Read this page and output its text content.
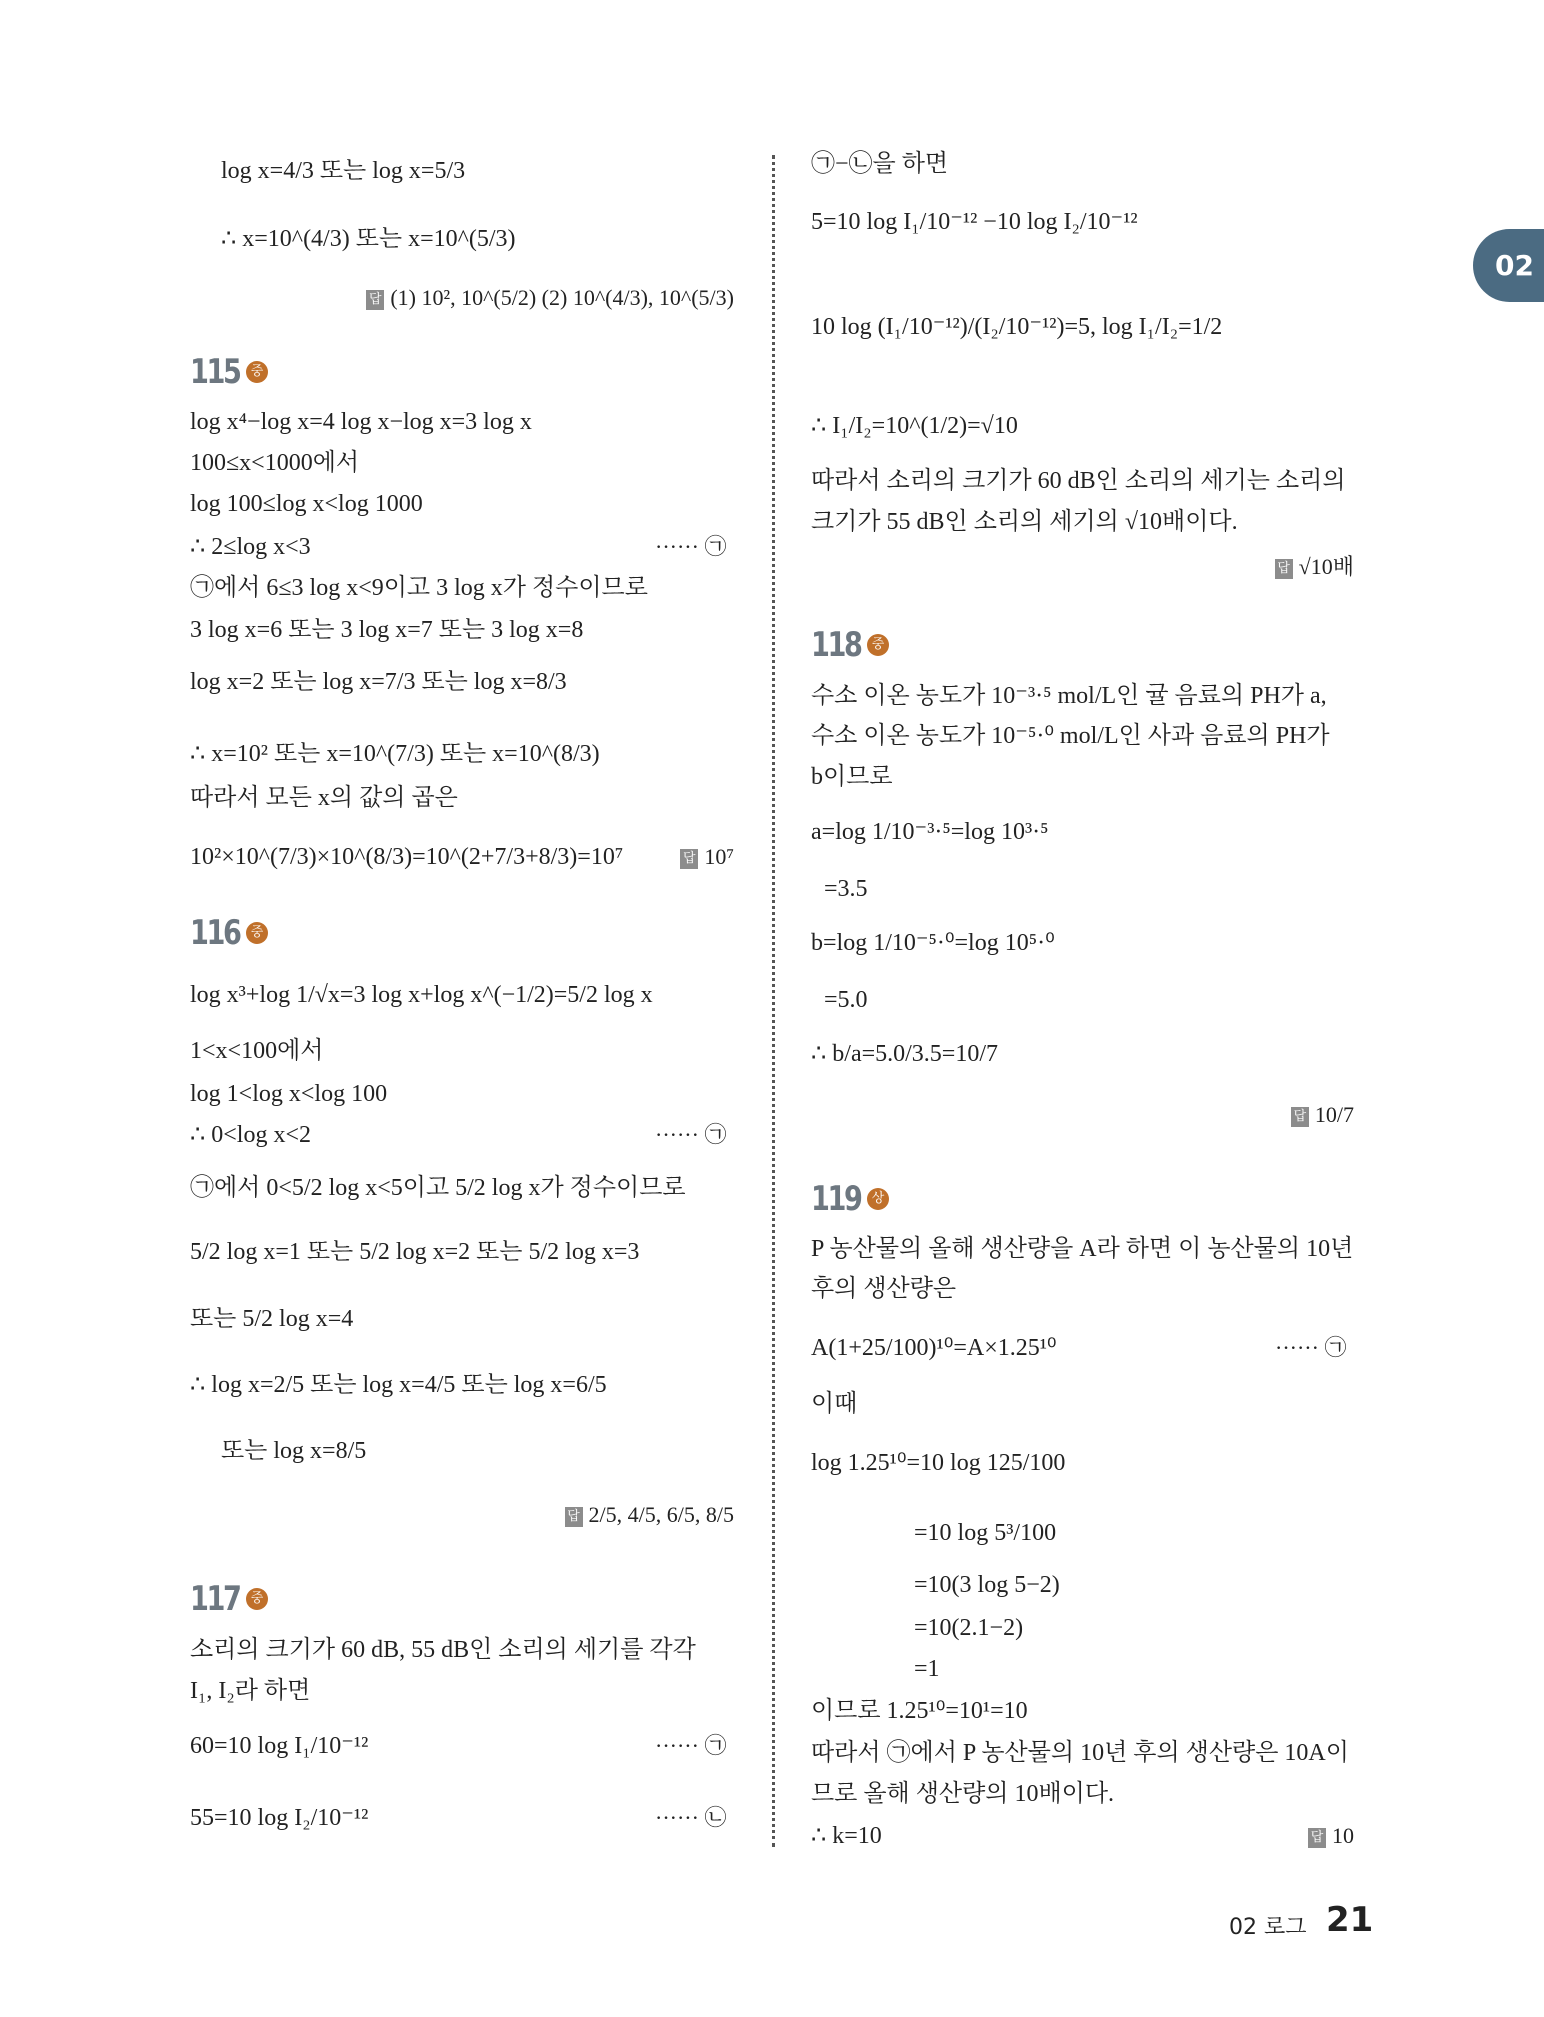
02
log x=4/3 또는 log x=5/3
∴ x=10^(4/3) 또는 x=10^(5/3)
log x⁴−log x=4 log x−log x=3 log x
100≤x<1000에서
log 100≤log x<log 1000
∴ 2≤log x<3
㉠에서 6≤3 log x<9이고 3 log x가 정수이므로
3 log x=6 또는 3 log x=7 또는 3 log x=8
log x=2 또는 log x=7/3 또는 log x=8/3
∴ x=10² 또는 x=10^(7/3) 또는 x=10^(8/3)
따라서 모든 x의 값의 곱은
10²×10^(7/3)×10^(8/3)=10^(2+7/3+8/3)=10⁷
log x³+log 1/√x=3 log x+log x^(−1/2)=5/2 log x
1<x<100에서
log 1<log x<log 100
∴ 0<log x<2
㉠에서 0<5/2 log x<5이고 5/2 log x가 정수이므로
5/2 log x=1 또는 5/2 log x=2 또는 5/2 log x=3
또는 5/2 log x=4
∴ log x=2/5 또는 log x=4/5 또는 log x=6/5
또는 log x=8/5
소리의 크기가 60 dB, 55 dB인 소리의 세기를 각각
I₁, I₂라 하면
60=10 log I₁/10⁻¹²
55=10 log I₂/10⁻¹²
㉠−㉡을 하면
5=10 log I₁/10⁻¹² −10 log I₂/10⁻¹²
10 log (I₁/10⁻¹²)/(I₂/10⁻¹²)=5, log I₁/I₂=1/2
∴ I₁/I₂=10^(1/2)=√10
따라서 소리의 크기가 60 dB인 소리의 세기는 소리의
크기가 55 dB인 소리의 세기의 √10배이다.
수소 이온 농도가 10⁻³·⁵ mol/L인 귤 음료의 PH가 a,
수소 이온 농도가 10⁻⁵·⁰ mol/L인 사과 음료의 PH가
b이므로
a=log 1/10⁻³·⁵=log 10³·⁵
=3.5
b=log 1/10⁻⁵·⁰=log 10⁵·⁰
=5.0
∴ b/a=5.0/3.5=10/7
P 농산물의 올해 생산량을 A라 하면 이 농산물의 10년
후의 생산량은
A(1+25/100)¹⁰=A×1.25¹⁰
이때
log 1.25¹⁰=10 log 125/100
=10 log 5³/100
=10(3 log 5−2)
=10(2.1−2)
=1
이므로 1.25¹⁰=10¹=10
따라서 ㉠에서 P 농산물의 10년 후의 생산량은 10A이
므로 올해 생산량의 10배이다.
∴ k=10
115 중
116 중
117 중
118 중
119 상
······ ㉠
······ ㉠
······ ㉠
······ ㉡
······ ㉠
답 (1) 10², 10^(5/2) (2) 10^(4/3), 10^(5/3)
답 10⁷
답 2/5, 4/5, 6/5, 8/5
답 √10배
답 10/7
답 10
02 로그 21
